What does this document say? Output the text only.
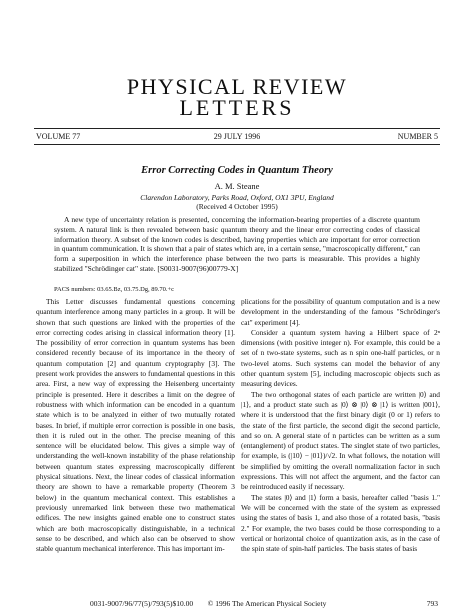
PHYSICAL REVIEW
LETTERS
VOLUME 77	29 JULY 1996	NUMBER 5
Error Correcting Codes in Quantum Theory
A. M. Steane
Clarendon Laboratory, Parks Road, Oxford, OX1 3PU, England
(Received 4 October 1995)
A new type of uncertainty relation is presented, concerning the information-bearing properties of a discrete quantum system. A natural link is then revealed between basic quantum theory and the linear error correcting codes of classical information theory. A subset of the known codes is described, having properties which are important for error correction in quantum communication. It is shown that a pair of states which are, in a certain sense, "macroscopically different," can form a superposition in which the interference phase between the two parts is measurable. This provides a highly stabilized "Schrödinger cat" state. [S0031-9007(96)00779-X]
PACS numbers: 03.65.Bz, 03.75.Dg, 89.70.+c

This Letter discusses fundamental questions concerning quantum interference among many particles in a group. It will be shown that such questions are linked with the properties of the error correcting codes arising in classical information theory [1]. The possibility of error correction in quantum systems has been considered recently because of its importance in the theory of quantum computation [2] and quantum cryptography [3]. The present work provides the answers to fundamental questions in this area. First, a new way of expressing the Heisenberg uncertainty principle is presented. Here it describes a limit on the degree of robustness with which information can be encoded in a quantum state which is to be analyzed in either of two mutually rotated bases. In brief, if multiple error correction is possible in one basis, then it is ruled out in the other. The precise meaning of this sentence will be elucidated below. This gives a simple way of understanding the well-known instability of the phase relationship between quantum states expressing macroscopically different physical situations. Next, the linear codes of classical information theory are shown to have a remarkable property (Theorem 3 below) in the quantum mechanical context. This establishes a previously unremarked link between these two mathematical edifices. The new insights gained enable one to construct states which are both macroscopically distinguishable, in a technical sense to be described, and which also can be observed to show stable quantum mechanical interference. This has important im-

plications for the possibility of quantum computation and is a new development in the understanding of the famous "Schrödinger's cat" experiment [4].

Consider a quantum system having a Hilbert space of 2ⁿ dimensions (with positive integer n). For example, this could be a set of n two-state systems, such as n spin one-half particles, or n two-level atoms. Such systems can model the behavior of any other quantum system [5], including macroscopic objects such as measuring devices.

The two orthogonal states of each particle are written |0⟩ and |1⟩, and a product state such as |0⟩ ⊗ |0⟩ ⊗ |1⟩ is written |001⟩, where it is understood that the first binary digit (0 or 1) refers to the state of the first particle, the second digit the second particle, and so on. A general state of n particles can be written as a sum (entanglement) of product states. The singlet state of two particles, for example, is (|10⟩ − |01⟩)/√2. In what follows, the notation will be simplified by omitting the overall normalization factor in such expressions. This will not affect the argument, and the factor can be reintroduced easily if necessary.

The states |0⟩ and |1⟩ form a basis, hereafter called "basis 1." We will be concerned with the state of the system as expressed using the states of basis 1, and also those of a rotated basis, "basis 2." For example, the two bases could be those corresponding to a vertical or horizontal choice of quantization axis, as in the case of the spin state of spin-half particles. The basis states of basis

0031-9007/96/77(5)/793(5)$10.00	© 1996 The American Physical Society	793
